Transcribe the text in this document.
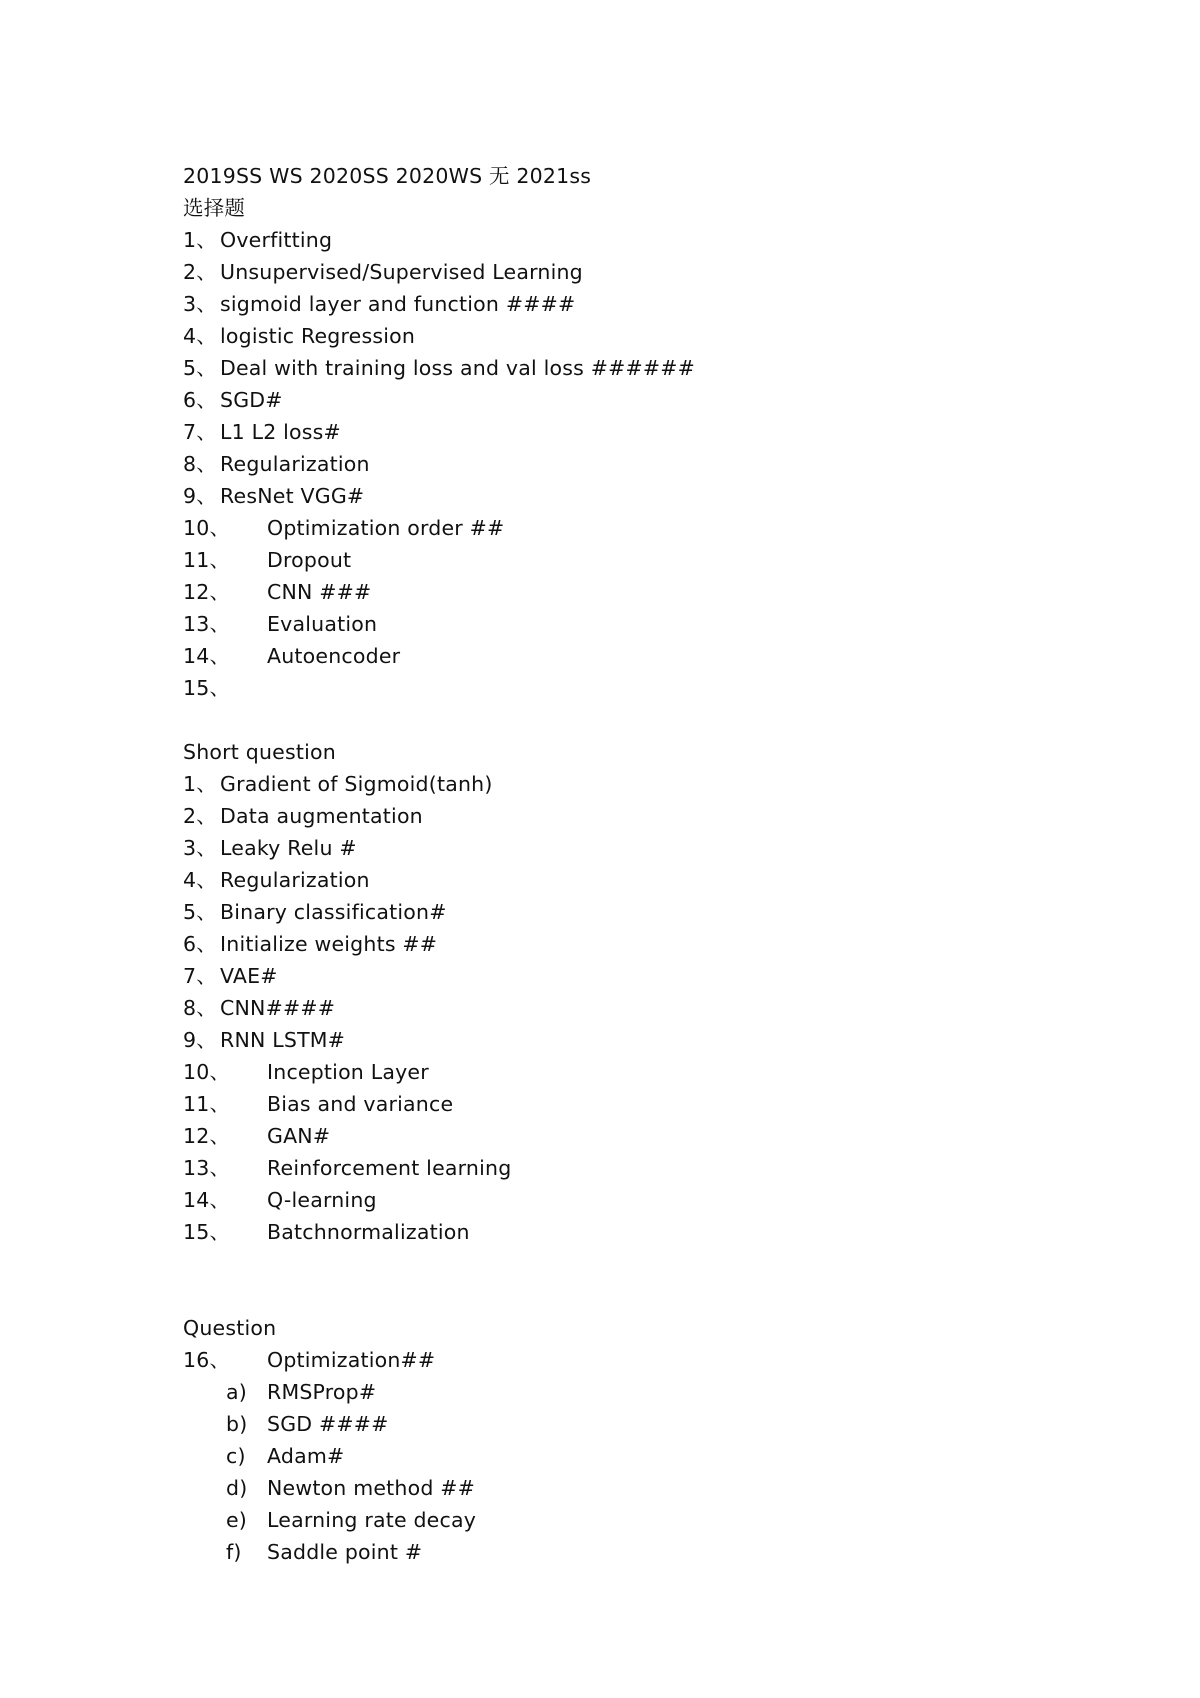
2019SS WS 2020SS 2020WS 无 2021ss
选择题
1、 Overfitting
2、 Unsupervised/Supervised Learning
3、 sigmoid layer and function ####
4、 logistic Regression
5、 Deal with training loss and val loss ######
6、 SGD#
7、 L1 L2 loss#
8、 Regularization
9、 ResNet VGG#
10、 Optimization order ##
11、 Dropout
12、 CNN ###
13、 Evaluation
14、 Autoencoder
15、
Short question
1、 Gradient of Sigmoid(tanh)
2、 Data augmentation
3、 Leaky Relu #
4、 Regularization
5、 Binary classification#
6、 Initialize weights ##
7、 VAE#
8、 CNN####
9、 RNN LSTM#
10、 Inception Layer
11、 Bias and variance
12、 GAN#
13、 Reinforcement learning
14、 Q-learning
15、 Batchnormalization
Question
16、 Optimization##
a) RMSProp#
b) SGD ####
c) Adam#
d) Newton method ##
e) Learning rate decay
f) Saddle point #
